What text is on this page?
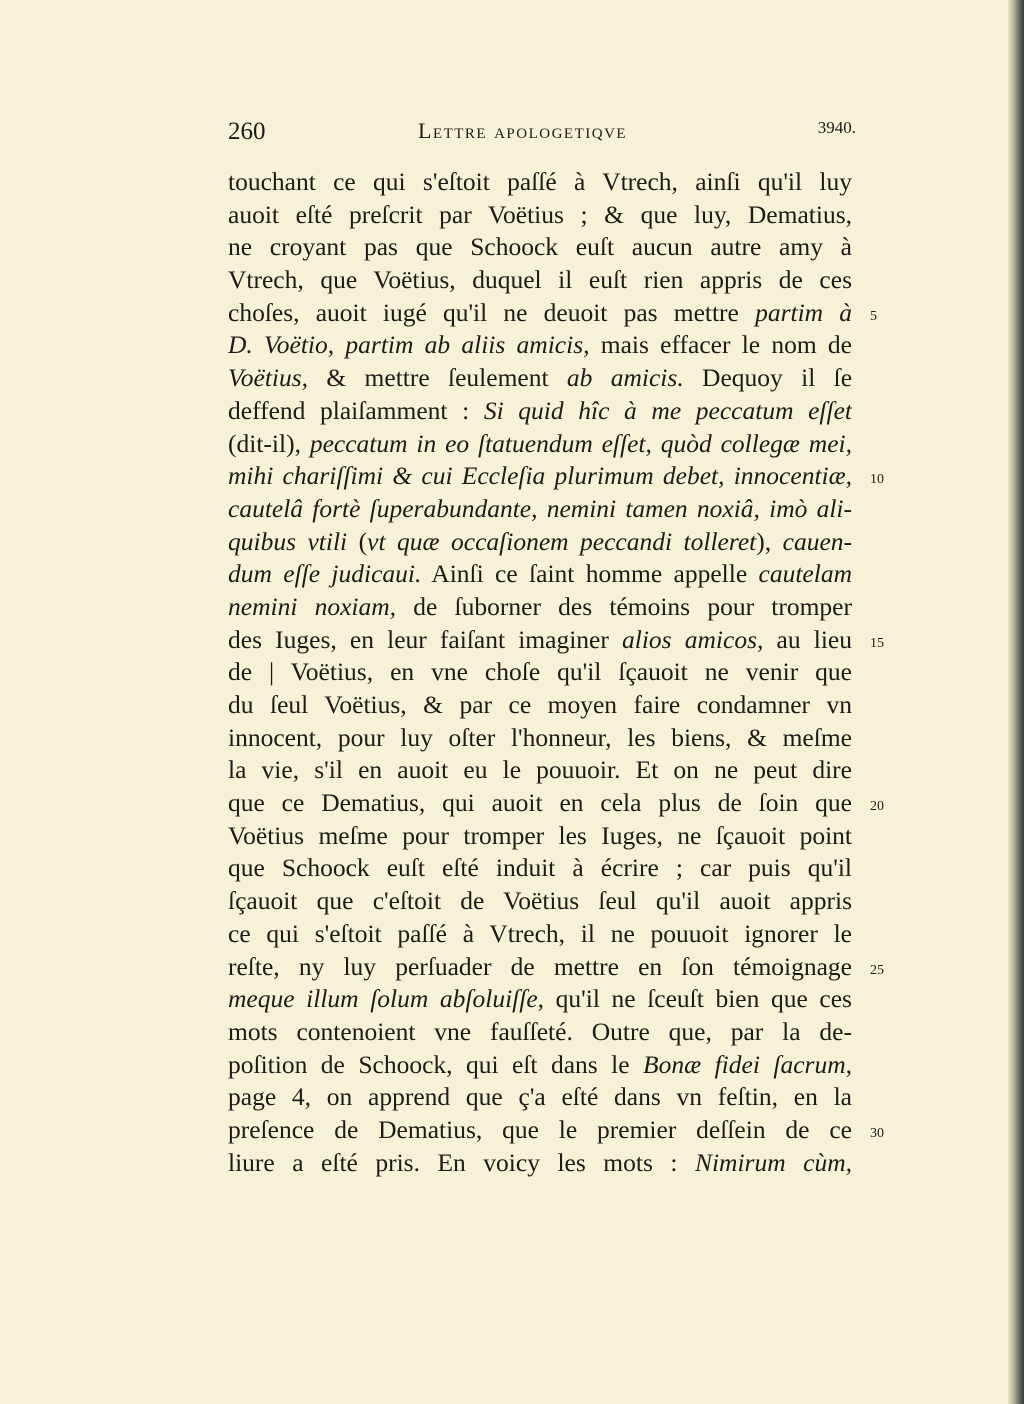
260	Lettre apologetiqve	3940.
touchant ce qui s'eſtoit paſſé à Vtrech, ainſi qu'il luy
auoit eſté preſcrit par Voëtius ; & que luy, Dematius,
ne croyant pas que Schoock euſt aucun autre amy à
Vtrech, que Voëtius, duquel il euſt rien appris de ces
choſes, auoit iugé qu'il ne deuoit pas mettre partim à
D. Voëtio, partim ab aliis amicis, mais effacer le nom de
Voëtius, & mettre ſeulement ab amicis. Dequoy il ſe
deffend plaiſamment : Si quid hîc à me peccatum eſſet
(dit-il), peccatum in eo ſtatuendum eſſet, quòd collegæ mei,
mihi chariſſimi & cui Eccleſia plurimum debet, innocentiæ,
cautelâ fortè ſuperabundante, nemini tamen noxiâ, imò ali-
quibus vtili (vt quæ occaſionem peccandi tolleret), cauen-
dum eſſe judicaui. Ainſi ce ſaint homme appelle cautelam
nemini noxiam, de ſuborner des témoins pour tromper
des Iuges, en leur faiſant imaginer alios amicos, au lieu
de | Voëtius, en vne choſe qu'il ſçauoit ne venir que
du ſeul Voëtius, & par ce moyen faire condamner vn
innocent, pour luy oſter l'honneur, les biens, & meſme
la vie, s'il en auoit eu le pouuoir. Et on ne peut dire
que ce Dematius, qui auoit en cela plus de ſoin que
Voëtius meſme pour tromper les Iuges, ne ſçauoit point
que Schoock euſt eſté induit à écrire ; car puis qu'il
ſçauoit que c'eſtoit de Voëtius ſeul qu'il auoit appris
ce qui s'eſtoit paſſé à Vtrech, il ne pouuoit ignorer le
reſte, ny luy perſuader de mettre en ſon témoignage
meque illum ſolum abſoluiſſe, qu'il ne ſceuſt bien que ces
mots contenoient vne fauſſeté. Outre que, par la de-
poſition de Schoock, qui eſt dans le Bonæ fidei ſacrum,
page 4, on apprend que ç'a eſté dans vn feſtin, en la
preſence de Dematius, que le premier deſſein de ce
liure a eſté pris. En voicy les mots : Nimirum cùm,
5
10
15
20
25
30
